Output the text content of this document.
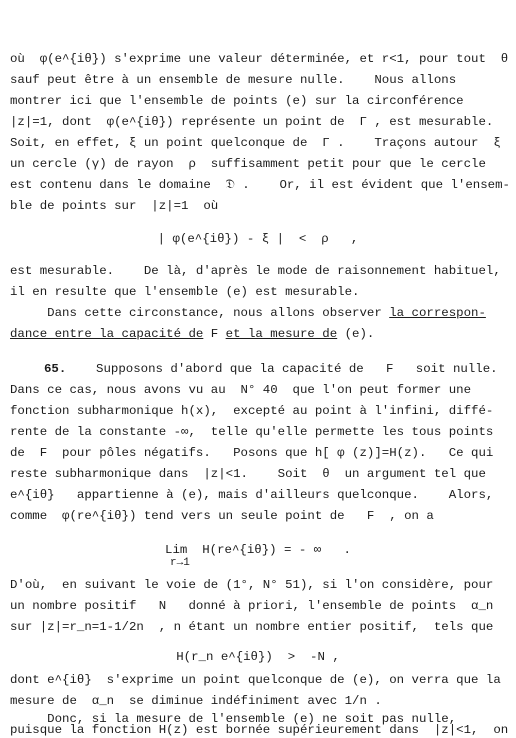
où  φ(e^{iθ}) s'exprime une valeur déterminée, et r<1, pour tout  θ
sauf peut être à un ensemble de mesure nulle.    Nous allons
montrer ici que l'ensemble de points (e) sur la circonférence
|z|=1, dont  φ(e^{iθ}) représente un point de  Γ , est mesurable.
Soit, en effet, ξ un point quelconque de  Γ .    Traçons autour  ξ
un cercle (γ) de rayon  ρ  suffisamment petit pour que le cercle
est contenu dans le domaine  𝔇 .    Or, il est évident que l'ensem-
ble de points sur  |z|=1  où
| φ(e^{iθ}) - ξ |  <  ρ   ,
est mesurable.    De là, d'après le mode de raisonnement habituel,
il en resulte que l'ensemble (e) est mesurable.
Dans cette circonstance, nous allons observer la correspon-
dance entre la capacité de F et la mesure de (e).
65.    Supposons d'abord que la capacité de   F   soit nulle.
Dans ce cas, nous avons vu au  N° 40  que l'on peut former une
fonction subharmonique h(x),  excepté au point à l'infini, diffé-
rente de la constante -∞,  telle qu'elle permette les tous points
de  F  pour pôles négatifs.   Posons que h[ φ (z)]=H(z).   Ce qui
reste subharmonique dans  |z|<1.    Soit  θ  un argument tel que
e^{iθ}   appartienne à (e), mais d'ailleurs quelconque.    Alors,
comme  φ(re^{iθ}) tend vers un seule point de   F  , on a
Lim  H(re^{iθ}) = - ∞   .
r→1
D'où,  en suivant le voie de (1°, N° 51), si l'on considère, pour
un nombre positif   N   donné à priori, l'ensemble de points  α_n
sur |z|=r_n=1-1/2n  , n étant un nombre entier positif,  tels que
H(r_n e^{iθ})  >  -N ,
dont e^{iθ}  s'exprime un point quelconque de (e), on verra que la
mesure de  α_n  se diminue indéfiniment avec 1/n .
Donc, si la mesure de l'ensemble (e) ne soit pas nulle,
puisque la fonction H(z) est bornée supérieurement dans  |z|<1,  on
